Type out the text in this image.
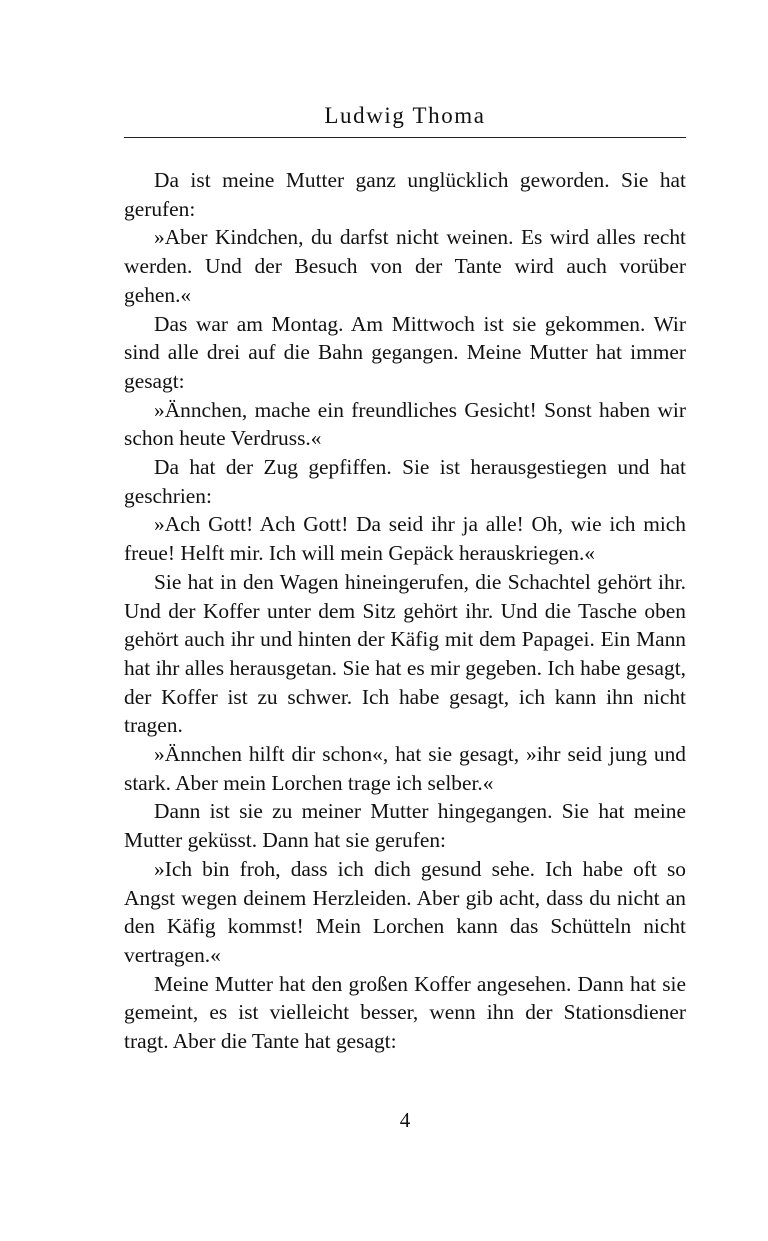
Ludwig Thoma

Da ist meine Mutter ganz unglücklich geworden. Sie hat gerufen:

»Aber Kindchen, du darfst nicht weinen. Es wird alles recht werden. Und der Besuch von der Tante wird auch vorüber gehen.«

Das war am Montag. Am Mittwoch ist sie gekommen. Wir sind alle drei auf die Bahn gegangen. Meine Mutter hat immer gesagt:

»Ännchen, mache ein freundliches Gesicht! Sonst haben wir schon heute Verdruss.«

Da hat der Zug gepfiffen. Sie ist herausgestiegen und hat geschrien:

»Ach Gott! Ach Gott! Da seid ihr ja alle! Oh, wie ich mich freue! Helft mir. Ich will mein Gepäck herauskriegen.«

Sie hat in den Wagen hineingerufen, die Schachtel gehört ihr. Und der Koffer unter dem Sitz gehört ihr. Und die Tasche oben gehört auch ihr und hinten der Käfig mit dem Papagei. Ein Mann hat ihr alles herausgetan. Sie hat es mir gegeben. Ich habe gesagt, der Koffer ist zu schwer. Ich habe gesagt, ich kann ihn nicht tragen.

»Ännchen hilft dir schon«, hat sie gesagt, »ihr seid jung und stark. Aber mein Lorchen trage ich selber.«

Dann ist sie zu meiner Mutter hingegangen. Sie hat meine Mutter geküsst. Dann hat sie gerufen:

»Ich bin froh, dass ich dich gesund sehe. Ich habe oft so Angst wegen deinem Herzleiden. Aber gib acht, dass du nicht an den Käfig kommst! Mein Lorchen kann das Schütteln nicht vertragen.«

Meine Mutter hat den großen Koffer angesehen. Dann hat sie gemeint, es ist vielleicht besser, wenn ihn der Stationsdiener tragt. Aber die Tante hat gesagt:

4
